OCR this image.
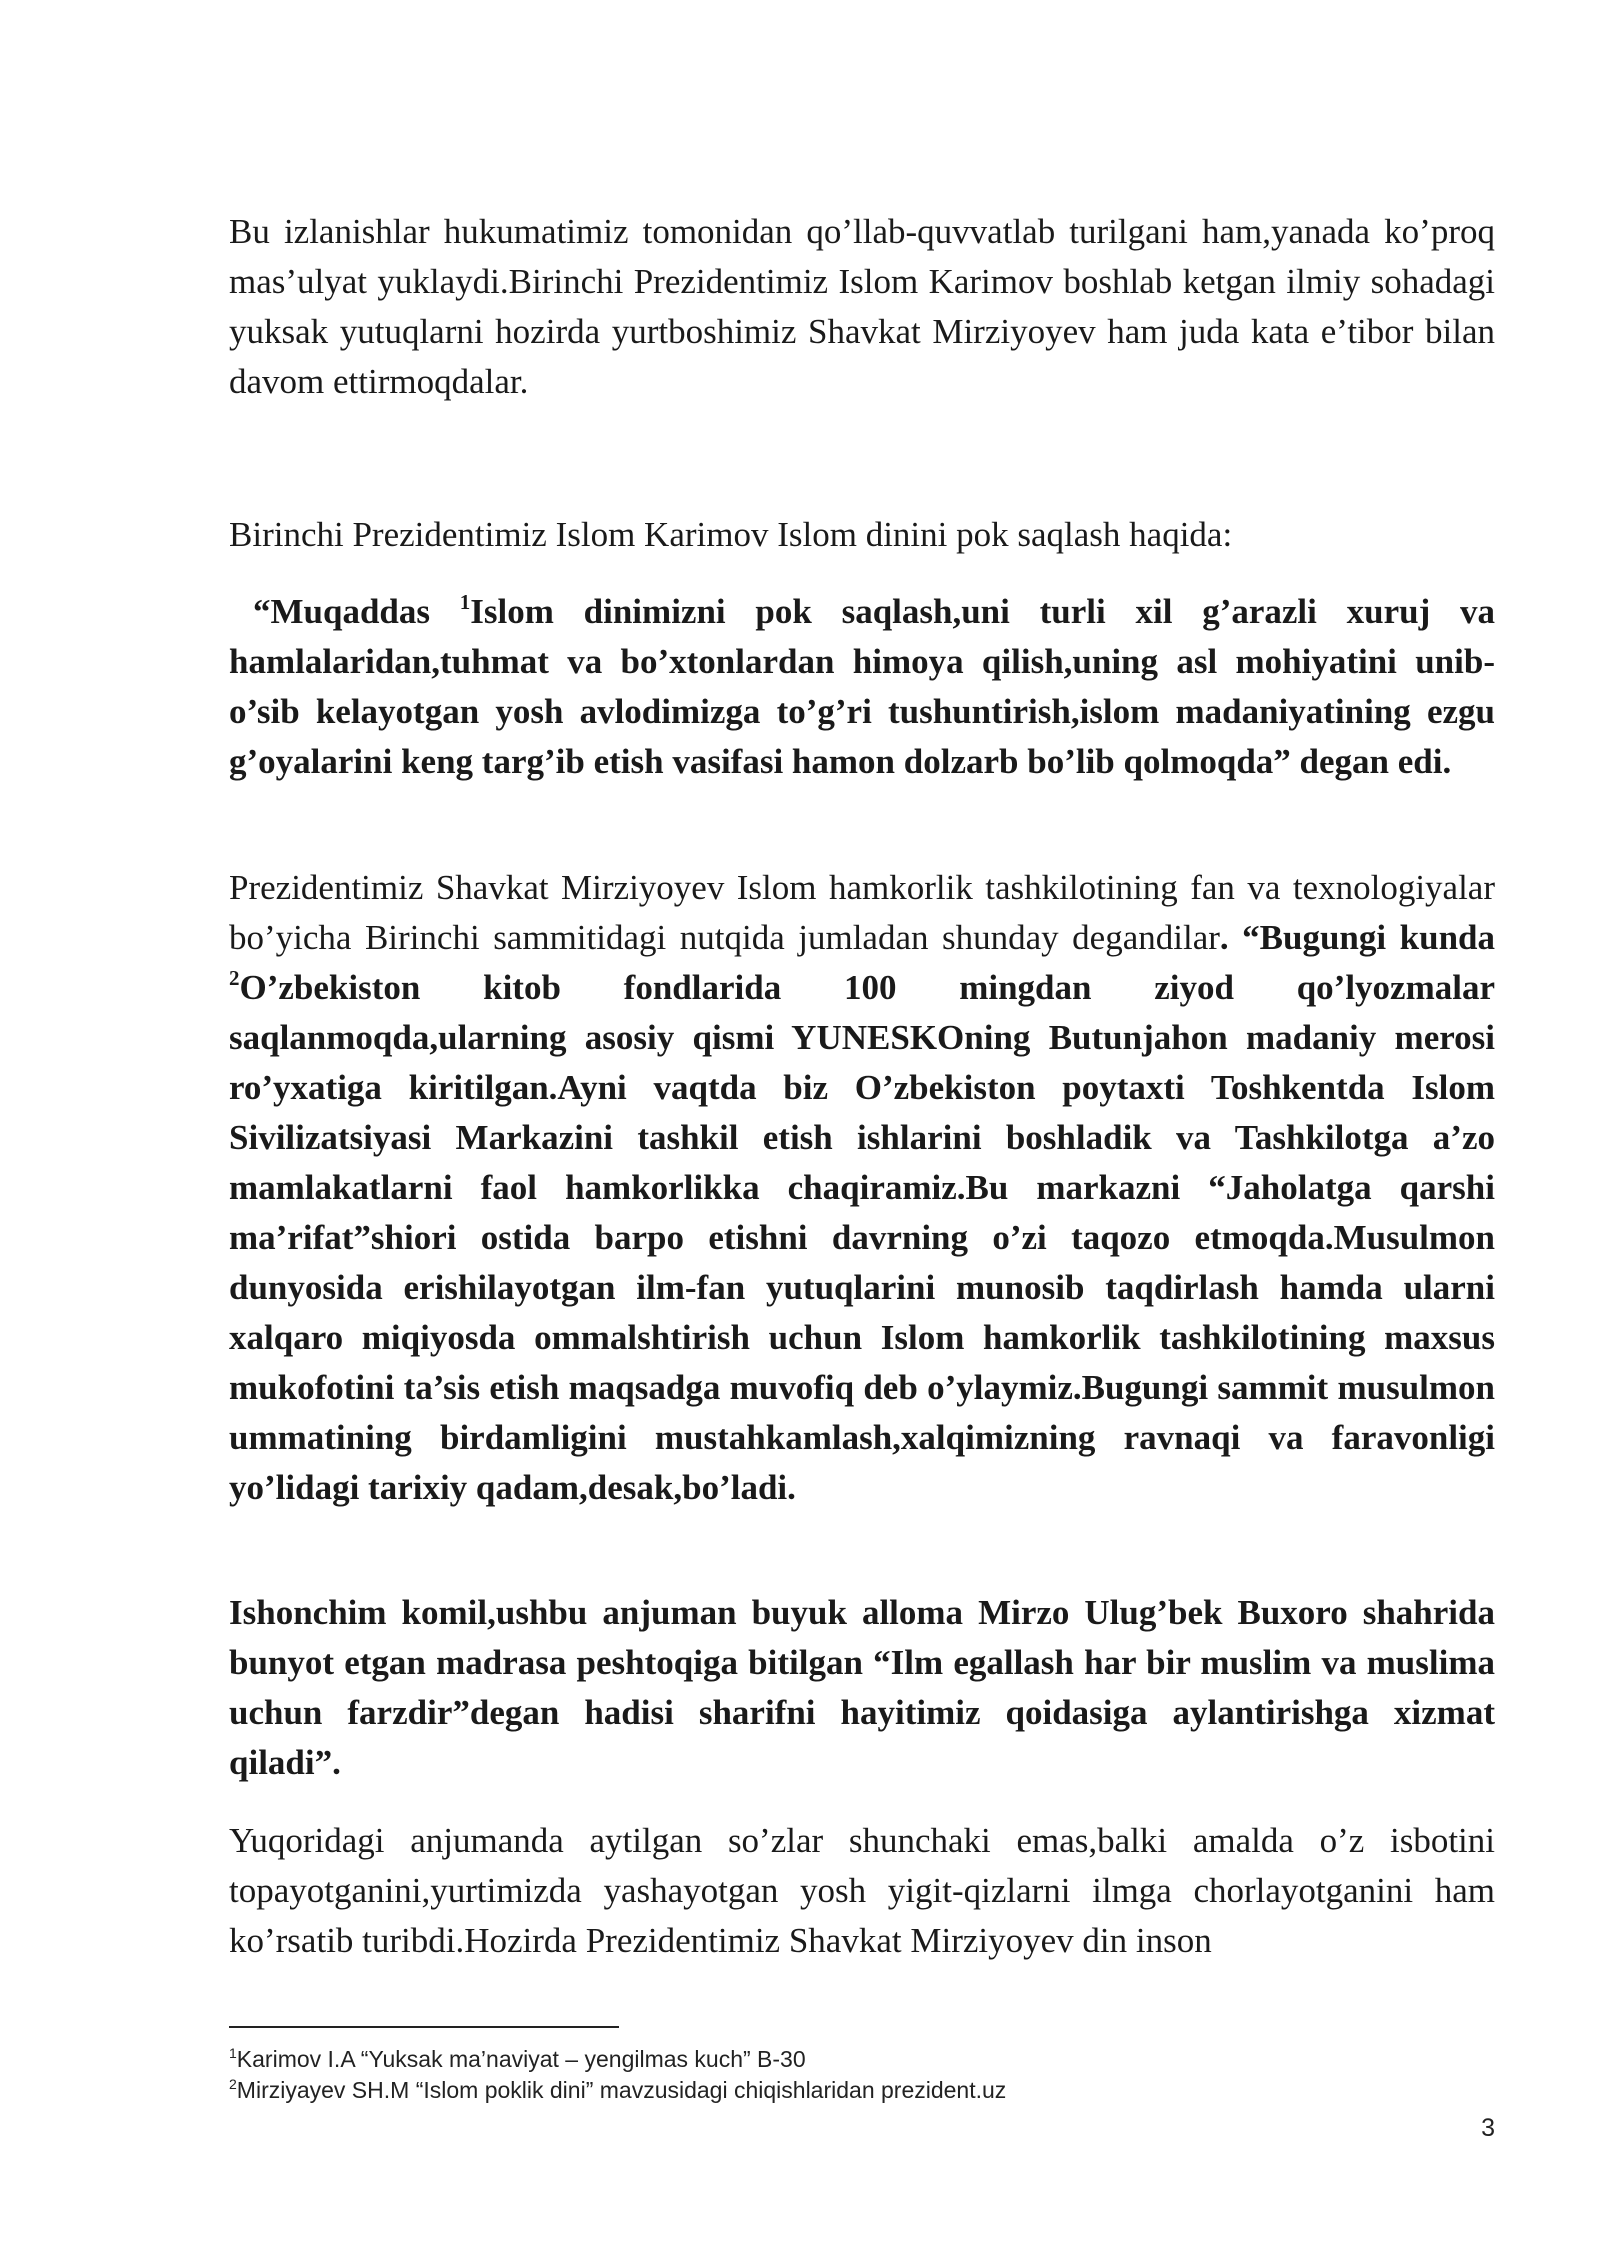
Bu izlanishlar hukumatimiz tomonidan qo’llab-quvvatlab turilgani ham,yanada ko’proq mas’ulyat yuklaydi.Birinchi Prezidentimiz Islom Karimov boshlab ketgan ilmiy sohadagi yuksak yutuqlarni hozirda yurtboshimiz Shavkat Mirziyoyev ham juda kata e’tibor bilan davom ettirmoqdalar.

Birinchi Prezidentimiz Islom Karimov Islom dinini pok saqlash haqida:

“Muqaddas $^1$Islom dinimizni pok saqlash,uni turli xil g’arazli xuruj va hamlalaridan,tuhmat va bo’xtonlardan himoya qilish,uning asl mohiyatini unib-o’sib kelayotgan yosh avlodimizga to’g’ri tushuntirish,islom madaniyatining ezgu g’oyalarini keng targ’ib etish vasifasi hamon dolzarb bo’lib qolmoqda” degan edi.

Prezidentimiz Shavkat Mirziyoyev Islom hamkorlik tashkilotining fan va texnologiyalar bo’yicha Birinchi sammitidagi nutqida jumladan shunday degandilar. “Bugungi kunda $^2$O’zbekiston kitob fondlarida 100 mingdan ziyod qo’lyozmalar saqlanmoqda,ularning asosiy qismi YUNESKOning Butunjahon madaniy merosi ro’yxatiga kiritilgan.Ayni vaqtda biz O’zbekiston poytaxti Toshkentda Islom Sivilizatsiyasi Markazini tashkil etish ishlarini boshladik va Tashkilotga a’zo mamlakatlarni faol hamkorlikka chaqiramiz.Bu markazni “Jaholatga qarshi ma’rifat”shiori ostida barpo etishni davrning o’zi taqozo etmoqda.Musulmon dunyosida erishilayotgan ilm-fan yutuqlarini munosib taqdirlash hamda ularni xalqaro miqiyosda ommalshtirish uchun Islom hamkorlik tashkilotining maxsus mukofotini ta’sis etish maqsadga muvofiq deb o’ylaymiz.Bugungi sammit musulmon ummatining birdamligini mustahkamlash,xalqimizning ravnaqi va faravonligi yo’lidagi tarixiy qadam,desak,bo’ladi.

Ishonchim komil,ushbu anjuman buyuk alloma Mirzo Ulug’bek Buxoro shahrida bunyot etgan madrasa peshtoqiga bitilgan “Ilm egallash har bir muslim va muslima uchun farzdir”degan hadisi sharifni hayitimiz qoidasiga aylantirishga xizmat qiladi”.

Yuqoridagi anjumanda aytilgan so’zlar shunchaki emas,balki amalda o’z isbotini topayotganini,yurtimizda yashayotgan yosh yigit-qizlarni ilmga chorlayotganini ham ko’rsatib turibdi.Hozirda Prezidentimiz Shavkat Mirziyoyev din inson

$^1$Karimov I.A “Yuksak ma’naviyat – yengilmas kuch” B-30
$^2$Mirziyayev SH.M “Islom poklik dini” mavzusidagi chiqishlaridan prezident.uz
3
